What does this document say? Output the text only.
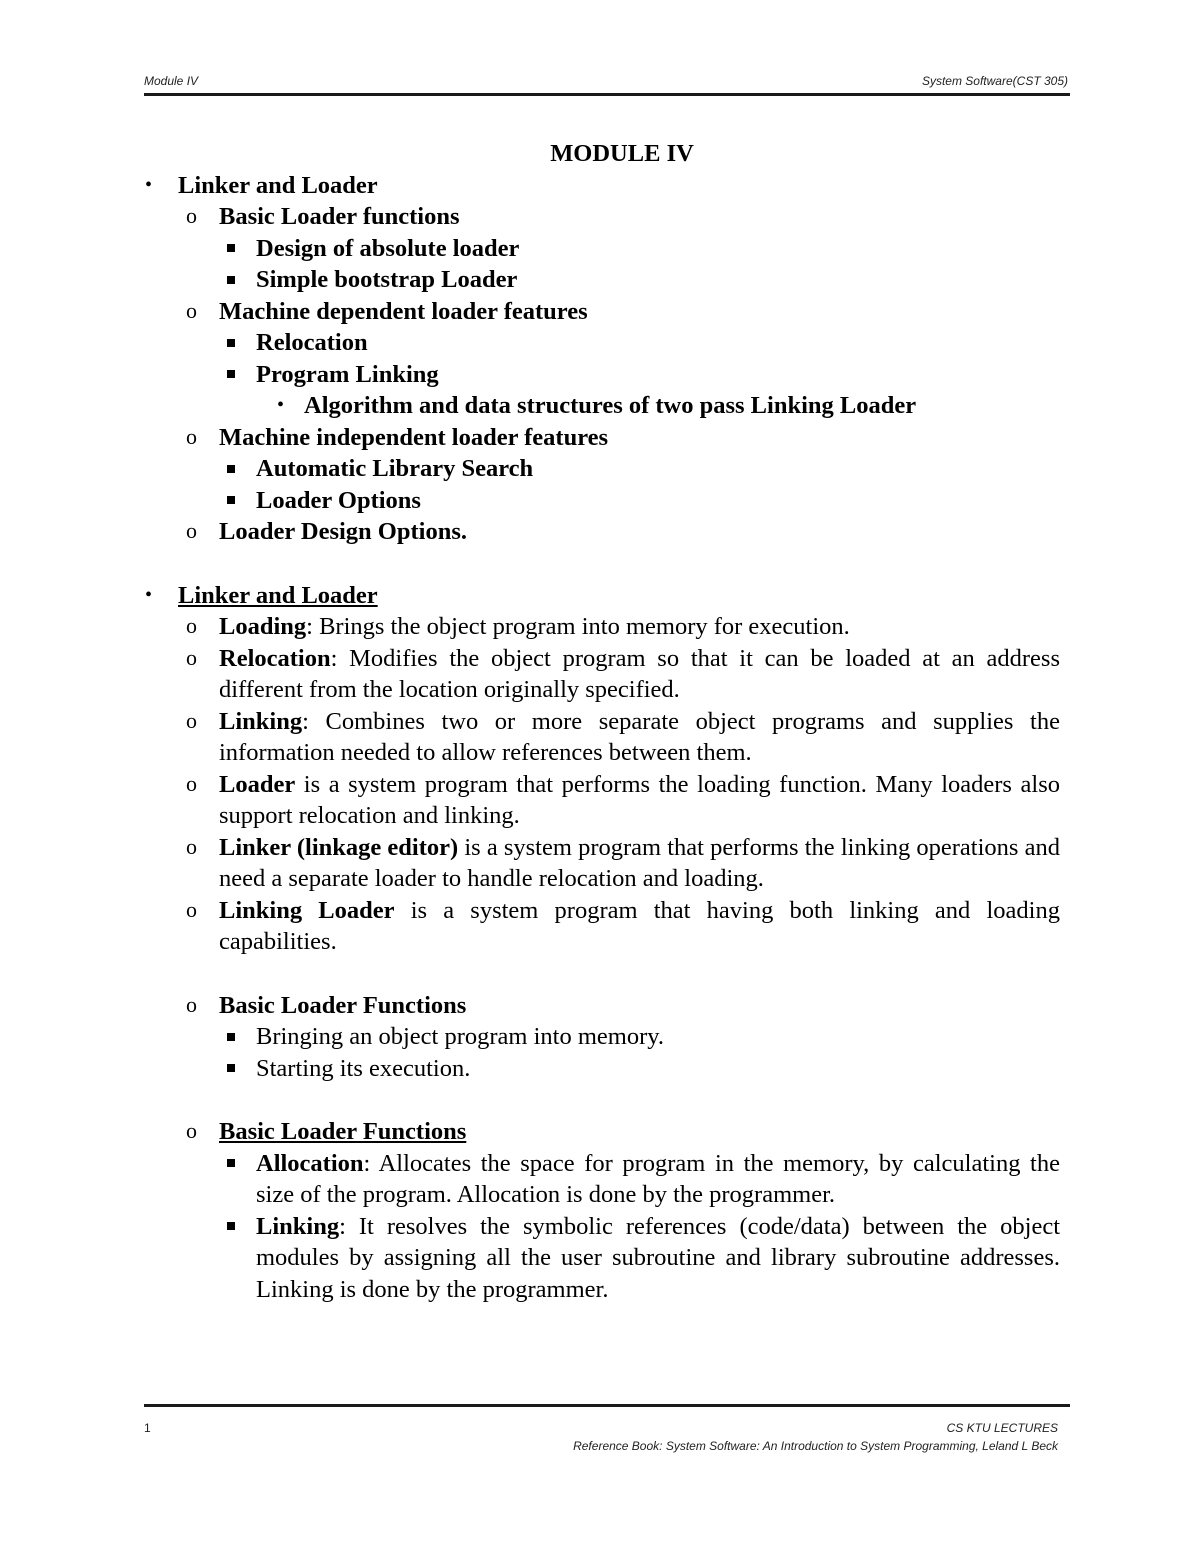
Module IV	System Software(CST 305)

MODULE IV

• Linker and Loader
o Basic Loader functions
Design of absolute loader
Simple bootstrap Loader
o Machine dependent loader features
Relocation
Program Linking
• Algorithm and data structures of two pass Linking Loader
o Machine independent loader features
Automatic Library Search
Loader Options
o Loader Design Options.
• Linker and Loader
o Loading: Brings the object program into memory for execution.
o Relocation: Modifies the object program so that it can be loaded at an address different from the location originally specified.
o Linking: Combines two or more separate object programs and supplies the information needed to allow references between them.
o Loader is a system program that performs the loading function. Many loaders also support relocation and linking.
o Linker (linkage editor) is a system program that performs the linking operations and need a separate loader to handle relocation and loading.
o Linking Loader is a system program that having both linking and loading capabilities.
o Basic Loader Functions
Bringing an object program into memory.
Starting its execution.
o Basic Loader Functions
Allocation: Allocates the space for program in the memory, by calculating the size of the program. Allocation is done by the programmer.
Linking: It resolves the symbolic references (code/data) between the object modules by assigning all the user subroutine and library subroutine addresses. Linking is done by the programmer.
1	CS KTU LECTURES
Reference Book: System Software: An Introduction to System Programming, Leland L Beck
